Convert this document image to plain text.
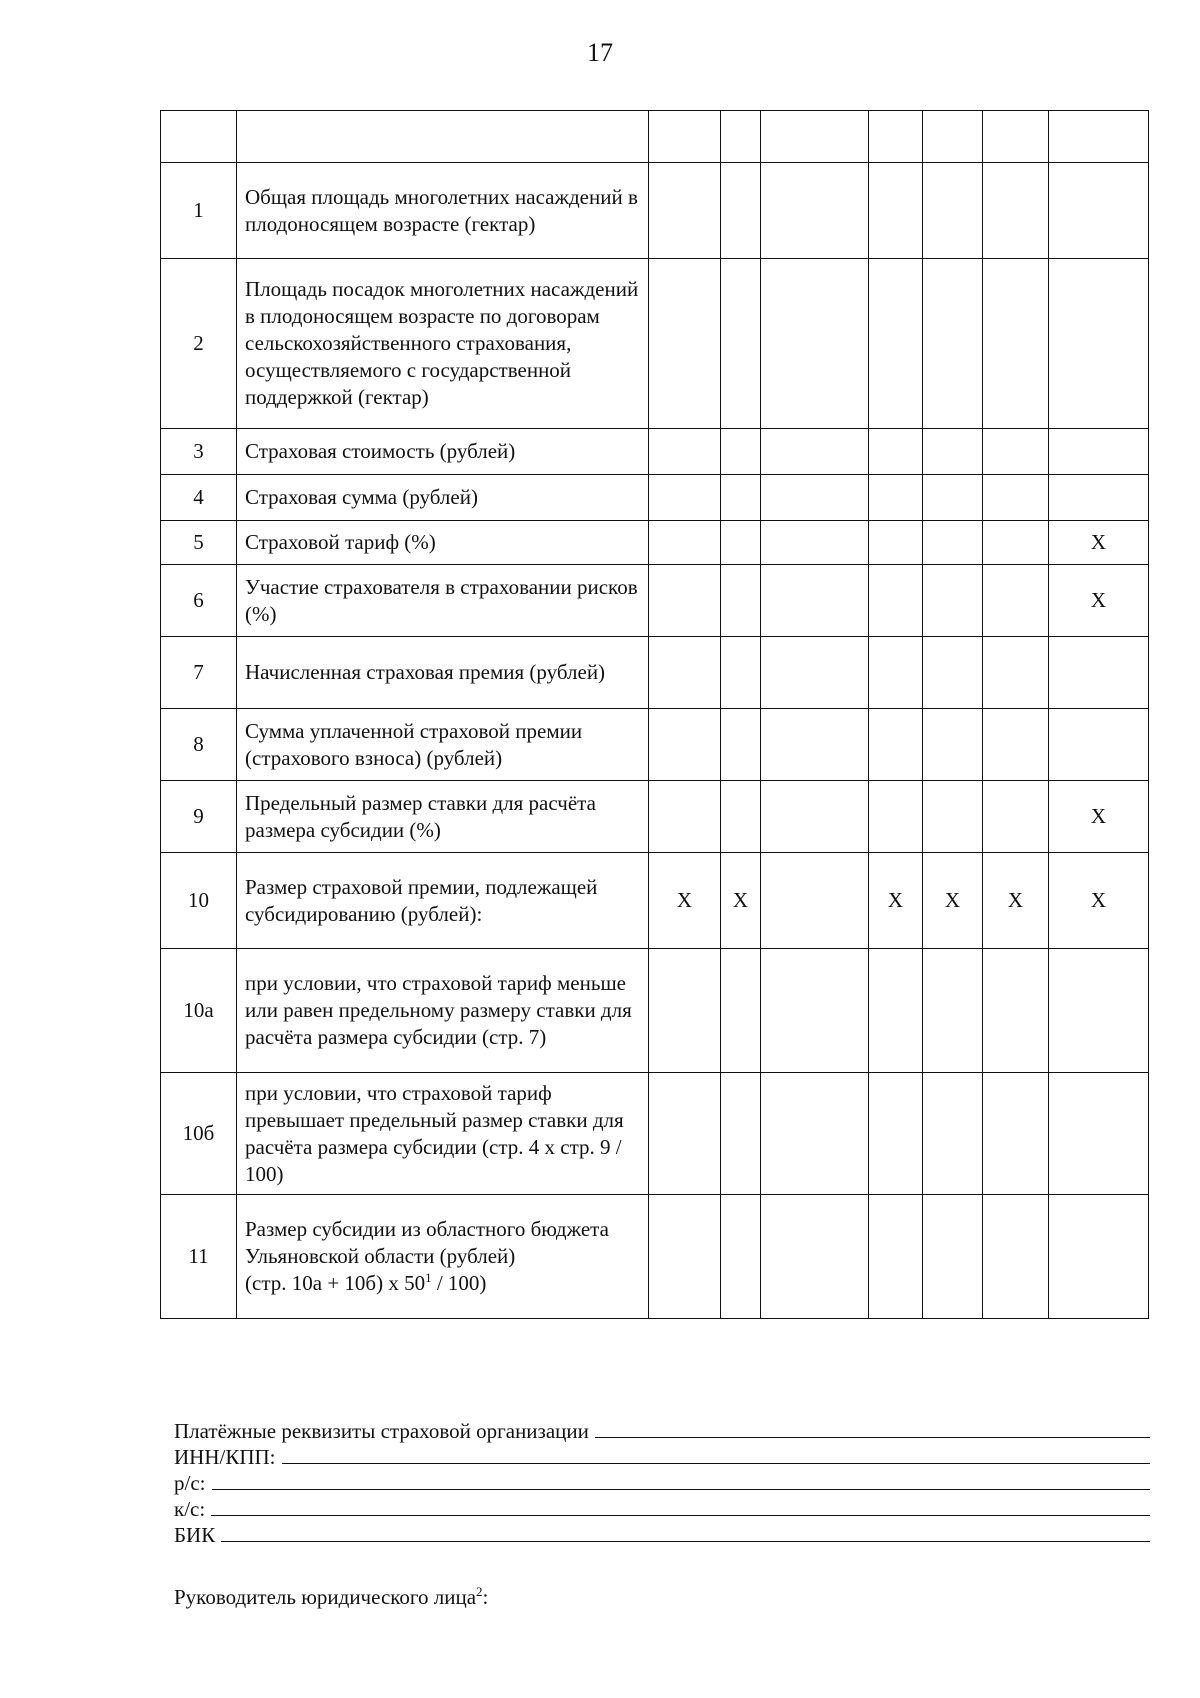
17

1	Общая площадь многолетних насаждений в плодоносящем возрасте (гектар)							
2	Площадь посадок многолетних насаждений в плодоносящем возрасте по договорам сельскохозяйственного страхования, осуществляемого с государственной поддержкой (гектар)							
3	Страховая стоимость (рублей)							
4	Страховая сумма (рублей)							
5	Страховой тариф (%)							X
6	Участие страхователя в страховании рисков (%)							X
7	Начисленная страховая премия (рублей)							
8	Сумма уплаченной страховой премии (страхового взноса) (рублей)							
9	Предельный размер ставки для расчёта размера субсидии (%)							X
10	Размер страховой премии, подлежащей субсидированию (рублей):	X	X		X	X	X	X
10а	при условии, что страховой тариф меньше или равен предельному размеру ставки для расчёта размера субсидии (стр. 7)							
10б	при условии, что страховой тариф превышает предельный размер ставки для расчёта размера субсидии (стр. 4 х стр. 9 / 100)							
11	Размер субсидии из областного бюджета Ульяновской области (рублей)
(стр. 10а + 10б) х $50^1 / 100$)							
Платёжные реквизиты страховой организации
ИНН/КПП:
р/с:
к/с:
БИК
Руководитель юридического лица$^2$:
